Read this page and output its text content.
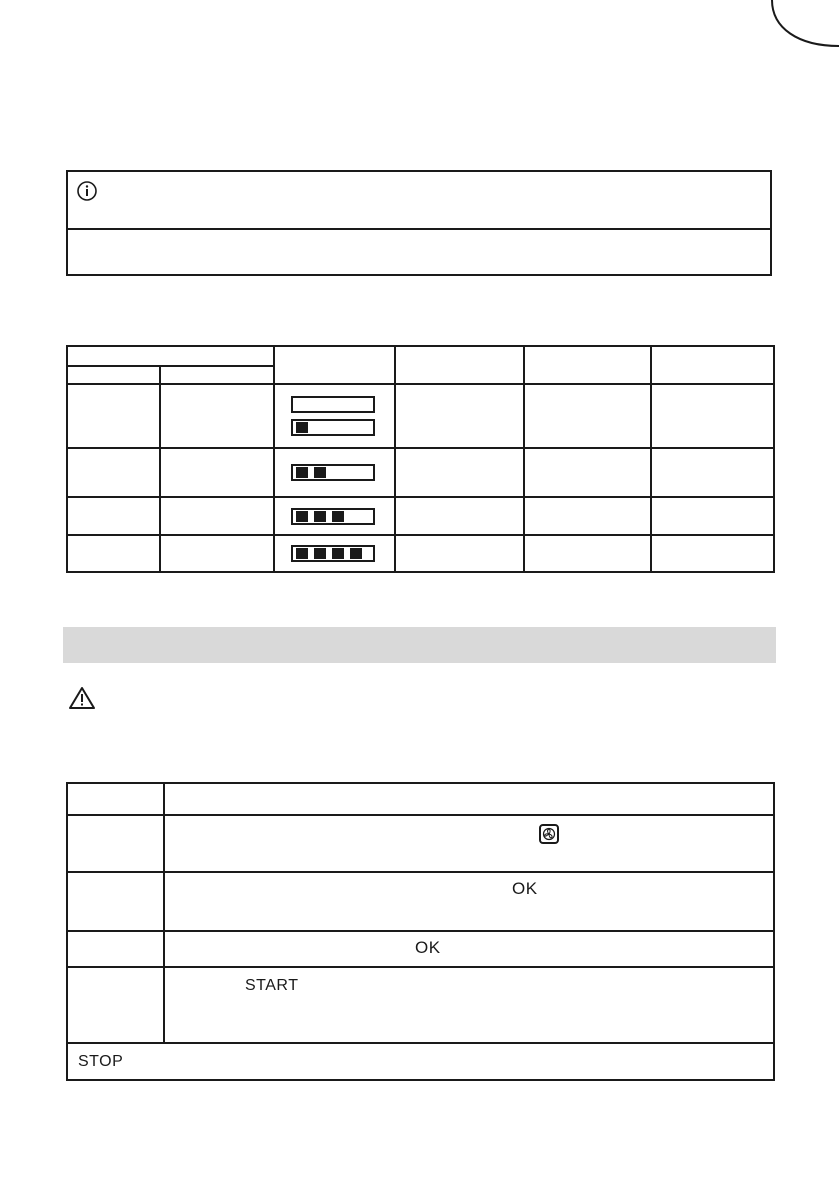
	OK

	OK

	START

STOP	
